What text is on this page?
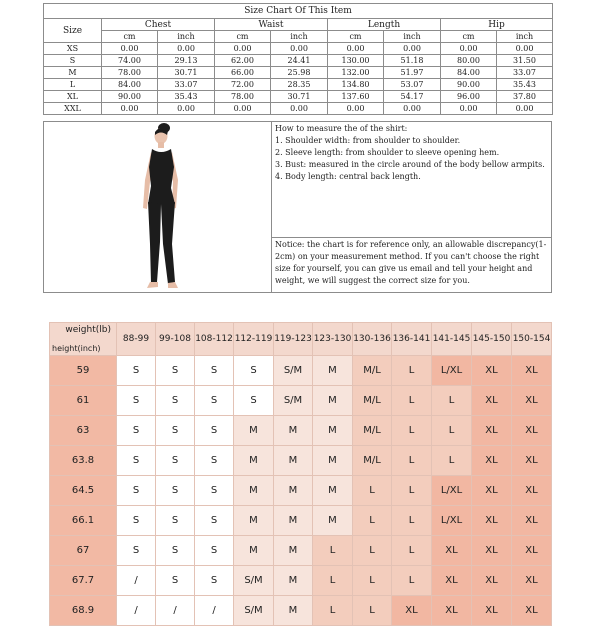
Size Chart Of This Item								
Size	Chest		Waist		Length		Hip	
	cm	inch	cm	inch	cm	inch	cm	inch
XS	0.00	0.00	0.00	0.00	0.00	0.00	0.00	0.00
S	74.00	29.13	62.00	24.41	130.00	51.18	80.00	31.50
M	78.00	30.71	66.00	25.98	132.00	51.97	84.00	33.07
L	84.00	33.07	72.00	28.35	134.80	53.07	90.00	35.43
XL	90.00	35.43	78.00	30.71	137.60	54.17	96.00	37.80
XXL	0.00	0.00	0.00	0.00	0.00	0.00	0.00	0.00
How to measure the of the shirt:
1. Shoulder width: from shoulder to shoulder.
2. Sleeve length: from shoulder to sleeve opening hem.                    3. Bust: measured in the circle around of the body bellow armpits.
4. Body length: central back length.
Notice: the chart is for reference only, an allowable discrepancy(1-2cm) on your measurement method. If you can't choose the right size for yourself, you can give us email and tell your height and weight, we will suggest the correct size for you.
weight(lb)
height(inch)	88-99	99-108	108-112	112-119	119-123	123-130	130-136	136-141	141-145	145-150	150-154
59	S	S	S	S	S/M	M	M/L	L	L/XL	XL	XL
61	S	S	S	S	S/M	M	M/L	L	L	XL	XL
63	S	S	S	M	M	M	M/L	L	L	XL	XL
63.8	S	S	S	M	M	M	M/L	L	L	XL	XL
64.5	S	S	S	M	M	M	L	L	L/XL	XL	XL
66.1	S	S	S	M	M	M	L	L	L/XL	XL	XL
67	S	S	S	M	M	L	L	L	XL	XL	XL
67.7	/	S	S	S/M	M	L	L	L	XL	XL	XL
68.9	/	/	/	S/M	M	L	L	XL	XL	XL	XL
